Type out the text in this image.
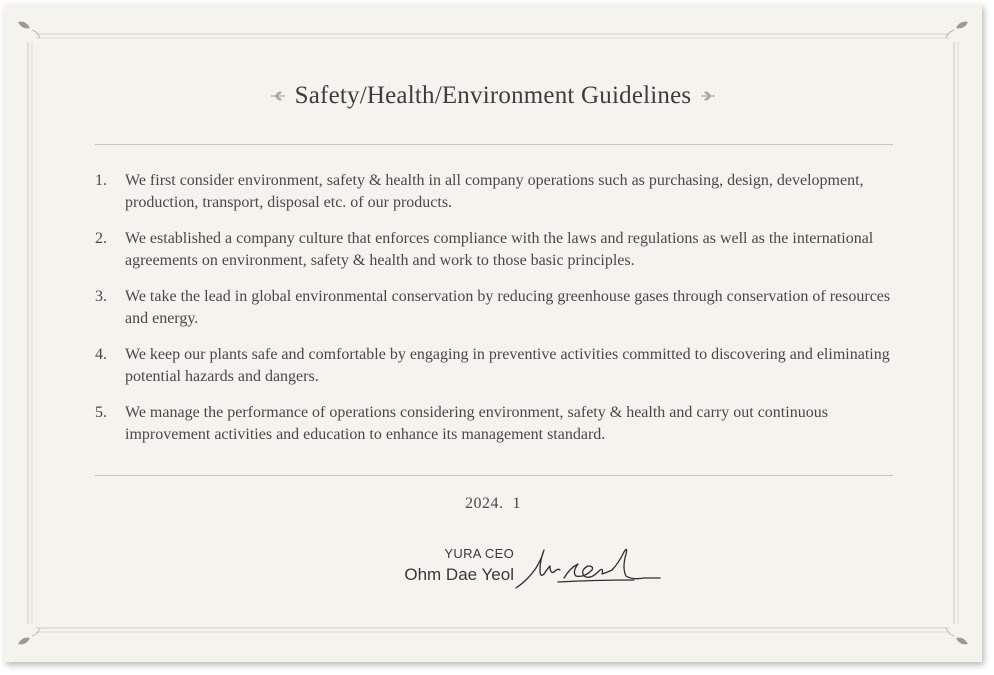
Safety/Health/Environment Guidelines
1.	We first consider environment, safety & health in all company operations such as purchasing, design, development, production, transport, disposal etc. of our products.
2.	We established a company culture that enforces compliance with the laws and regulations as well as the international agreements on environment, safety & health and work to those basic principles.
3.	We take the lead in global environmental conservation by reducing greenhouse gases through conservation of resources and energy.
4.	We keep our plants safe and comfortable by engaging in preventive activities committed to discovering and eliminating potential hazards and dangers.
5.	We manage the performance of operations considering environment, safety & health and carry out continuous improvement activities and education to enhance its management standard.
2024.  1
YURA CEO
Ohm Dae Yeol
